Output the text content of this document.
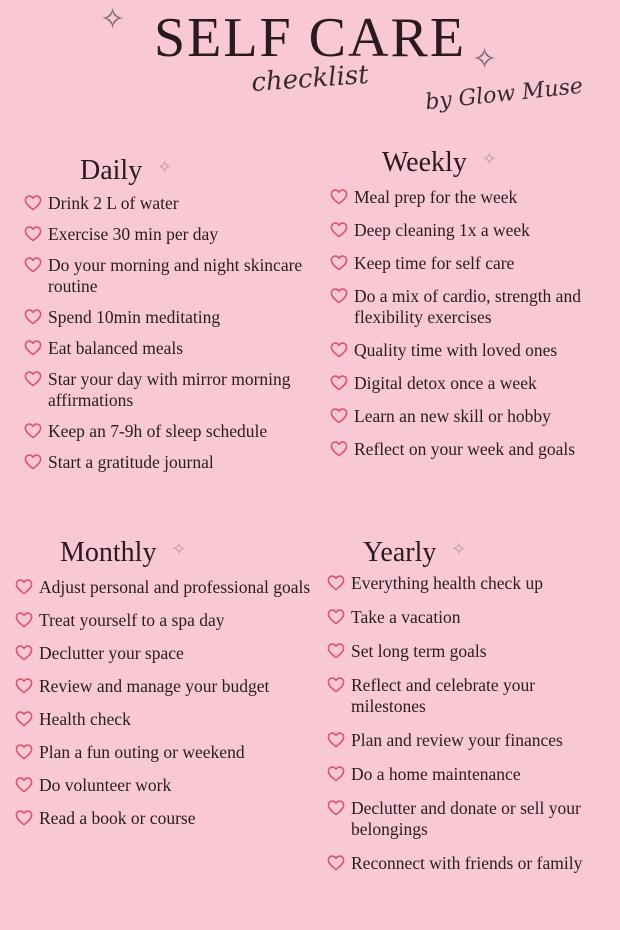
✧ SELF CARE ✧
checklist	by Glow Muse
Daily ✧
Drink 2 L of water
Exercise 30 min per day
Do your morning and night skincare routine
Spend 10min meditating
Eat balanced meals
Star your day with mirror morning affirmations
Keep an 7-9h of sleep schedule
Start a gratitude journal
Weekly ✧
Meal prep for the week
Deep cleaning 1x a week
Keep time for self care
Do a mix of cardio, strength and flexibility exercises
Quality time with loved ones
Digital detox once a week
Learn an new skill or hobby
Reflect on your week and goals
Monthly ✧
Adjust personal and professional goals
Treat yourself to a spa day
Declutter your space
Review and manage your budget
Health check
Plan a fun outing or weekend
Do volunteer work
Read a book or course
Yearly ✧
Everything health check up
Take a vacation
Set long term goals
Reflect and celebrate your milestones
Plan and review your finances
Do a home maintenance
Declutter and donate or sell your belongings
Reconnect with friends or family
